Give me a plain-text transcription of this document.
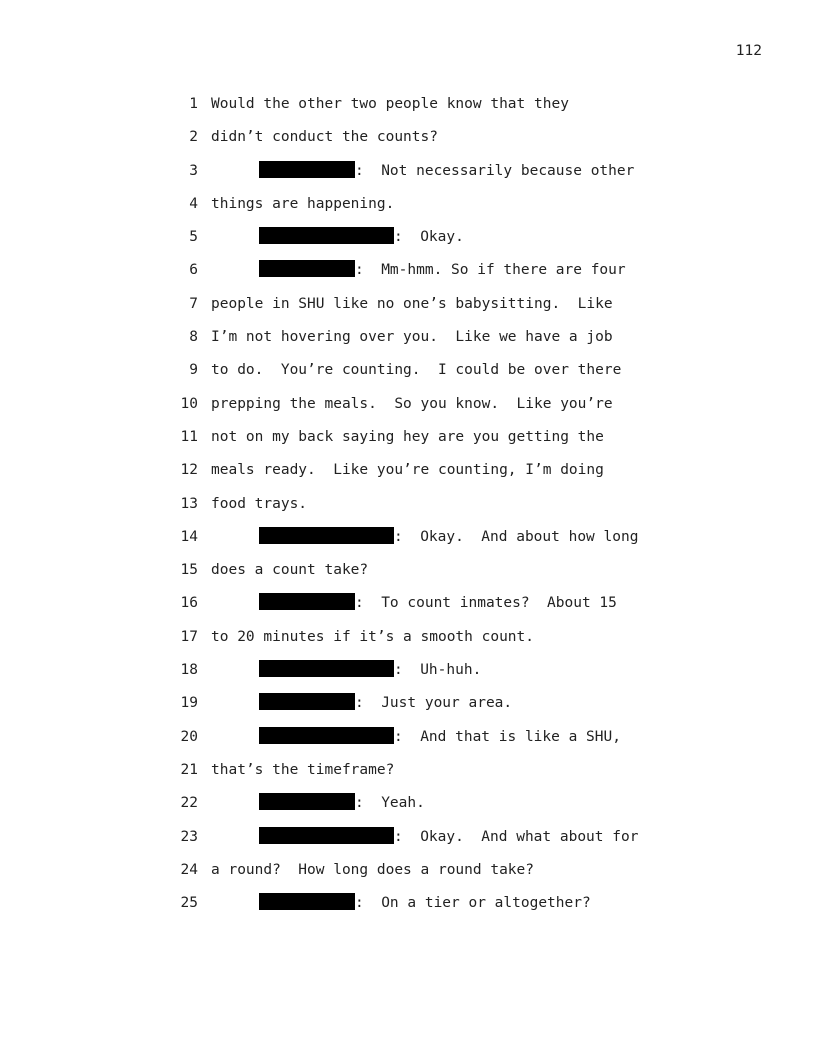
112
1 Would the other two people know that they
2 didn’t conduct the counts?
3	:  Not necessarily because other
4 things are happening.
5	:  Okay.
6	:  Mm-hmm. So if there are four
7 people in SHU like no one’s babysitting.  Like
8 I’m not hovering over you.  Like we have a job
9 to do.  You’re counting.  I could be over there
10 prepping the meals.  So you know.  Like you’re
11 not on my back saying hey are you getting the
12 meals ready.  Like you’re counting, I’m doing
13 food trays.
14	:  Okay.  And about how long
15 does a count take?
16	:  To count inmates?  About 15
17 to 20 minutes if it’s a smooth count.
18	:  Uh-huh.
19	:  Just your area.
20	:  And that is like a SHU,
21 that’s the timeframe?
22	:  Yeah.
23	:  Okay.  And what about for
24 a round?  How long does a round take?
25	:  On a tier or altogether?
